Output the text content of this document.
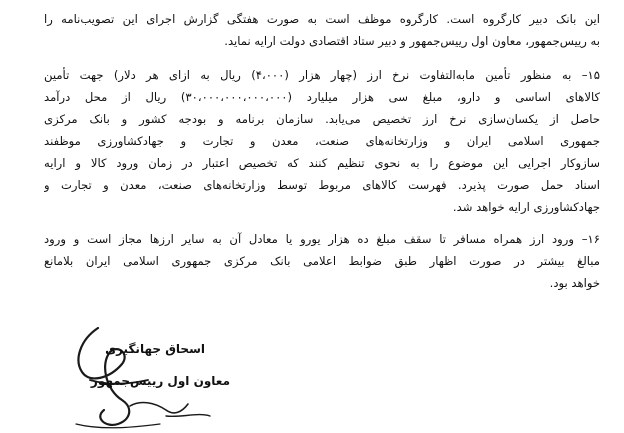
این بانک دبیر کارگروه است. کارگروه موظف است به صورت هفتگی گزارش اجرای این تصویب‌نامه را
به رییس‌جمهور، معاون اول رییس‌جمهور و دبیر ستاد اقتصادی دولت ارایه نماید.
۱۵– به منظور تأمین مابه‌التفاوت نرخ ارز (چهار هزار (۴،۰۰۰) ریال به ازای هر دلار) جهت تأمین
کالاهای اساسی و دارو، مبلغ سی هزار میلیارد (۳۰،۰۰۰،۰۰۰،۰۰۰،۰۰۰) ریال از محل درآمد
حاصل از یکسان‌سازی نرخ ارز تخصیص می‌یابد. سازمان برنامه و بودجه کشور و بانک مرکزی
جمهوری اسلامی ایران و وزارتخانه‌های صنعت، معدن و تجارت و جهادکشاورزی موظفند
سازوکار اجرایی این موضوع را به نحوی تنظیم کنند که تخصیص اعتبار در زمان ورود کالا و ارایه
اسناد حمل صورت پذیرد. فهرست کالاهای مربوط توسط وزارتخانه‌های صنعت، معدن و تجارت و
جهادکشاورزی ارایه خواهد شد.
۱۶– ورود ارز همراه مسافر تا سقف مبلغ ده هزار یورو یا معادل آن به سایر ارزها مجاز است و ورود
مبالغ بیشتر در صورت اظهار طبق ضوابط اعلامی بانک مرکزی جمهوری اسلامی ایران بلامانع
خواهد بود.
اسحاق جهانگیری
معاون اول رییس‌جمهور
